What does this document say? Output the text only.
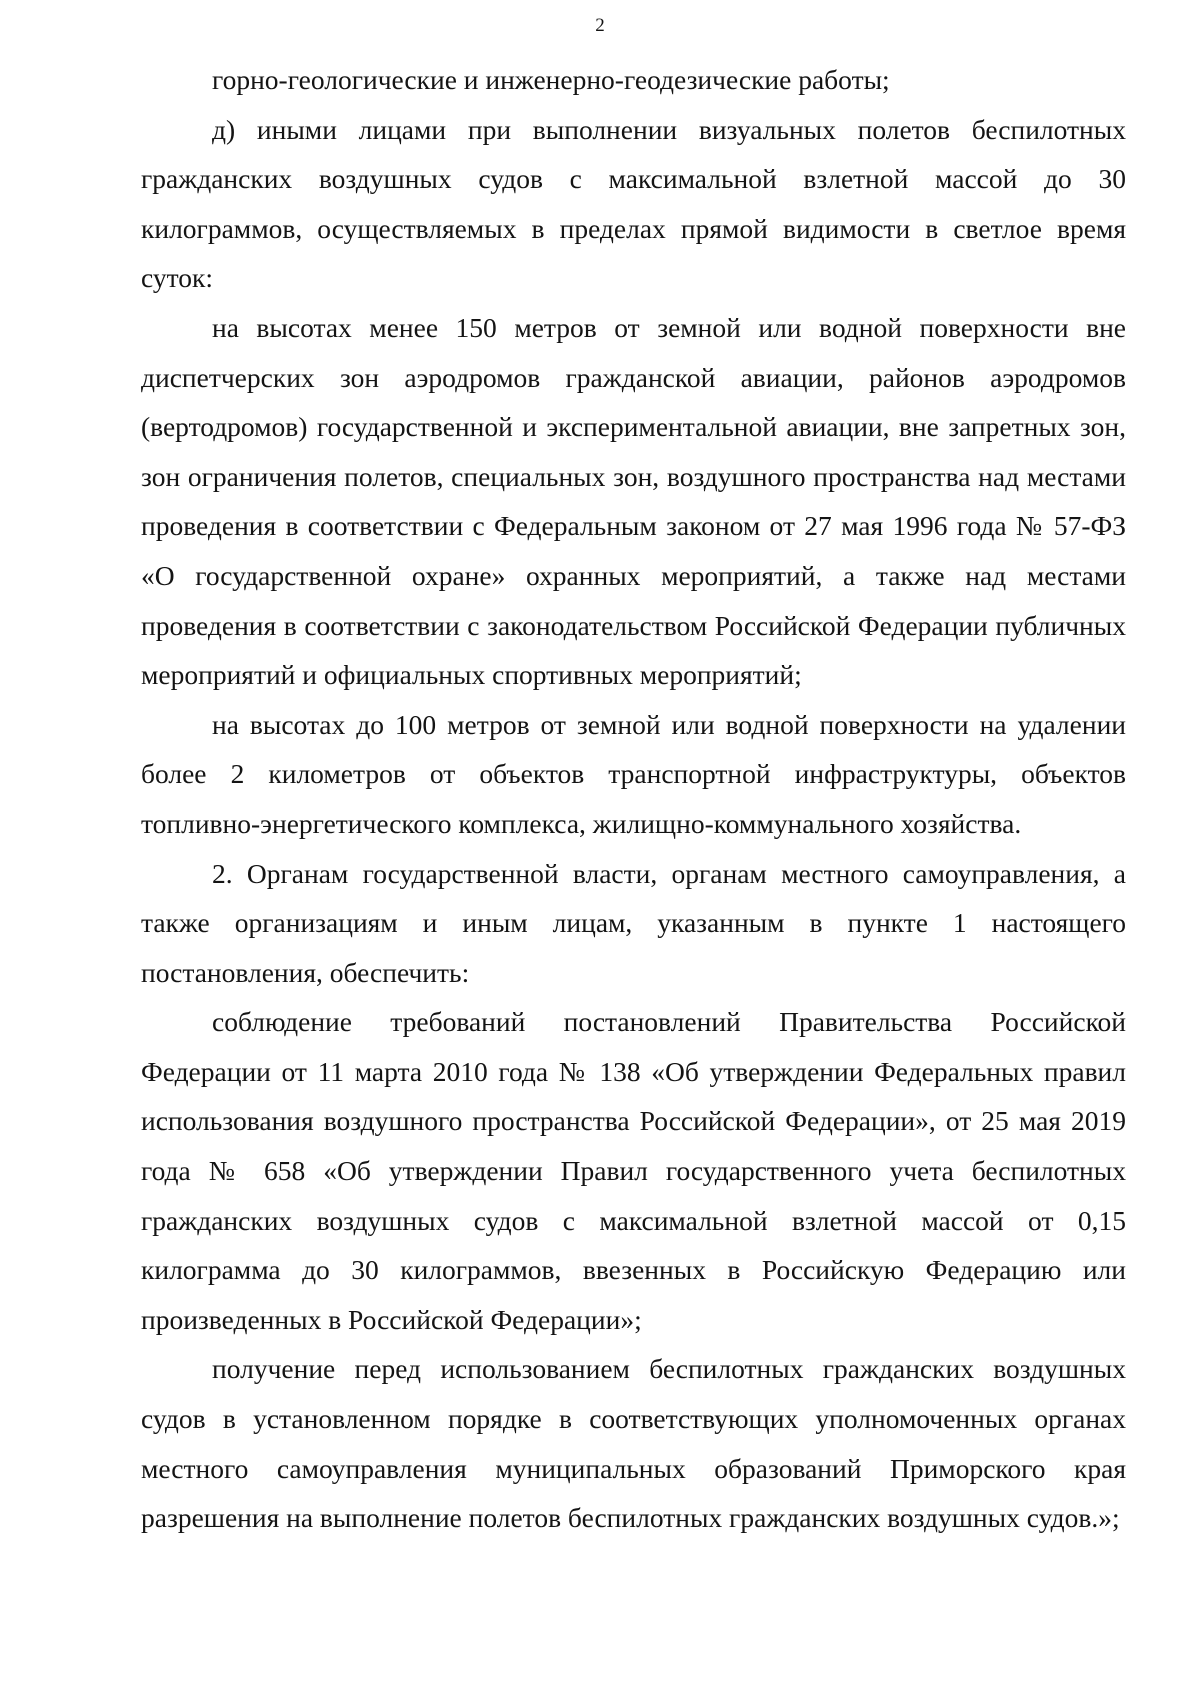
2

горно-геологические и инженерно-геодезические работы;

д) иными лицами при выполнении визуальных полетов беспилотных гражданских воздушных судов с максимальной взлетной массой до 30 килограммов, осуществляемых в пределах прямой видимости в светлое время суток:

на высотах менее 150 метров от земной или водной поверхности вне диспетчерских зон аэродромов гражданской авиации, районов аэродромов (вертодромов) государственной и экспериментальной авиации, вне запретных зон, зон ограничения полетов, специальных зон, воздушного пространства над местами проведения в соответствии с Федеральным законом от 27 мая 1996 года № 57-ФЗ «О государственной охране» охранных мероприятий, а также над местами проведения в соответствии с законодательством Российской Федерации публичных мероприятий и официальных спортивных мероприятий;

на высотах до 100 метров от земной или водной поверхности на удалении более 2 километров от объектов транспортной инфраструктуры, объектов топливно-энергетического комплекса, жилищно-коммунального хозяйства.

2. Органам государственной власти, органам местного самоуправления, а также организациям и иным лицам, указанным в пункте 1 настоящего постановления, обеспечить:

соблюдение требований постановлений Правительства Российской Федерации от 11 марта 2010 года № 138 «Об утверждении Федеральных правил использования воздушного пространства Российской Федерации», от 25 мая 2019 года № 658 «Об утверждении Правил государственного учета беспилотных гражданских воздушных судов с максимальной взлетной массой от 0,15 килограмма до 30 килограммов, ввезенных в Российскую Федерацию или произведенных в Российской Федерации»;

получение перед использованием беспилотных гражданских воздушных судов в установленном порядке в соответствующих уполномоченных органах местного самоуправления муниципальных образований Приморского края разрешения на выполнение полетов беспилотных гражданских воздушных судов.»;
